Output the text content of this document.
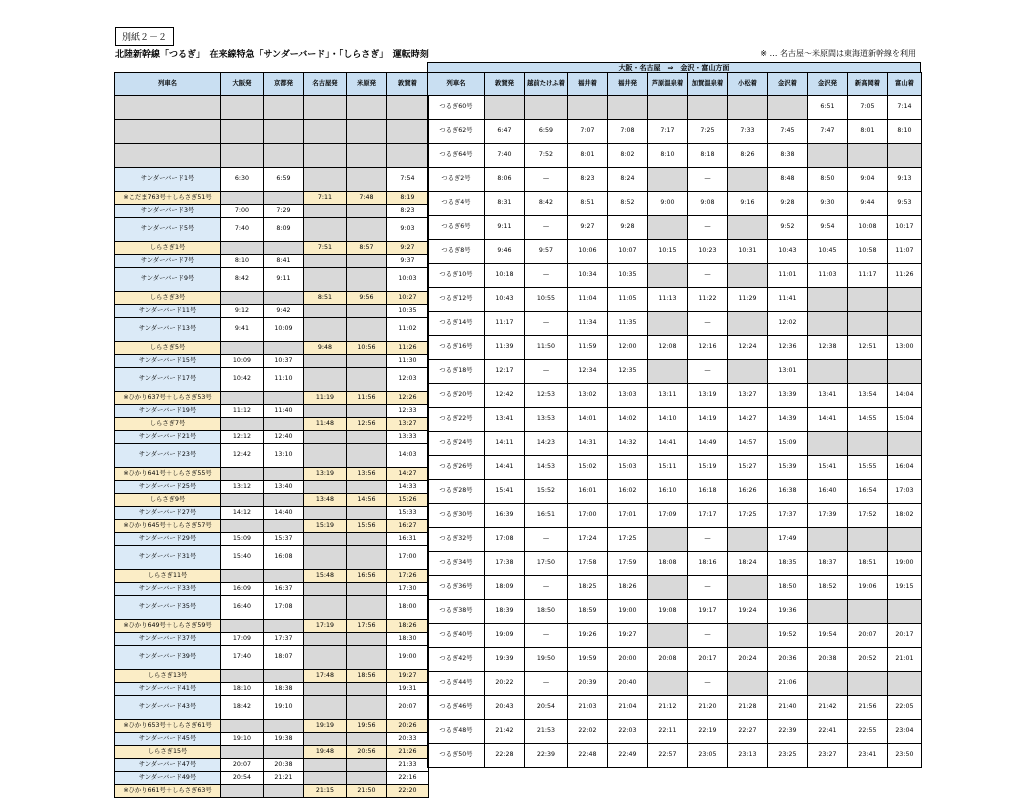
別紙２－２
北陸新幹線「つるぎ」　在来線特急「サンダーバード」・「しらさぎ」　運転時刻	※ … 名古屋～米原間は東海道新幹線を利用
大阪・名古屋　⇒　金沢・富山方面
列車名	大阪発	京都発	名古屋発	米原発	敦賀着

サンダーバード1号	6:30	6:59			7:54
※こだま763号＋しらさぎ51号			7:11	7:48	8:19
サンダーバード3号	7:00	7:29			8:23
サンダーバード5号	7:40	8:09			9:03
しらさぎ1号			7:51	8:57	9:27
サンダーバード7号	8:10	8:41			9:37
サンダーバード9号	8:42	9:11			10:03
しらさぎ3号			8:51	9:56	10:27
サンダーバード11号	9:12	9:42			10:35
サンダーバード13号	9:41	10:09			11:02
しらさぎ5号			9:48	10:56	11:26
サンダーバード15号	10:09	10:37			11:30
サンダーバード17号	10:42	11:10			12:03
※ひかり637号＋しらさぎ53号			11:19	11:56	12:26
サンダーバード19号	11:12	11:40			12:33
しらさぎ7号			11:48	12:56	13:27
サンダーバード21号	12:12	12:40			13:33
サンダーバード23号	12:42	13:10			14:03
※ひかり641号＋しらさぎ55号			13:19	13:56	14:27
サンダーバード25号	13:12	13:40			14:33
しらさぎ9号			13:48	14:56	15:26
サンダーバード27号	14:12	14:40			15:33
※ひかり645号＋しらさぎ57号			15:19	15:56	16:27
サンダーバード29号	15:09	15:37			16:31
サンダーバード31号	15:40	16:08			17:00
しらさぎ11号			15:48	16:56	17:26
サンダーバード33号	16:09	16:37			17:30
サンダーバード35号	16:40	17:08			18:00
※ひかり649号＋しらさぎ59号			17:19	17:56	18:26
サンダーバード37号	17:09	17:37			18:30
サンダーバード39号	17:40	18:07			19:00
しらさぎ13号			17:48	18:56	19:27
サンダーバード41号	18:10	18:38			19:31
サンダーバード43号	18:42	19:10			20:07
※ひかり653号＋しらさぎ61号			19:19	19:56	20:26
サンダーバード45号	19:10	19:38			20:33
しらさぎ15号			19:48	20:56	21:26
サンダーバード47号	20:07	20:38			21:33
サンダーバード49号	20:54	21:21			22:16
※ひかり661号＋しらさぎ63号			21:15	21:50	22:20
列車名	敦賀発	越前たけふ着	福井着	福井発	芦原温泉着	加賀温泉着	小松着	金沢着	金沢発	新高岡着	富山着
つるぎ60号									6:51	7:05	7:14
つるぎ62号	6:47	6:59	7:07	7:08	7:17	7:25	7:33	7:45	7:47	8:01	8:10
つるぎ64号	7:40	7:52	8:01	8:02	8:10	8:18	8:26	8:38			
つるぎ2号	8:06	—	8:23	8:24		—		8:48	8:50	9:04	9:13
つるぎ4号	8:31	8:42	8:51	8:52	9:00	9:08	9:16	9:28	9:30	9:44	9:53
つるぎ6号	9:11	—	9:27	9:28		—		9:52	9:54	10:08	10:17
つるぎ8号	9:46	9:57	10:06	10:07	10:15	10:23	10:31	10:43	10:45	10:58	11:07
つるぎ10号	10:18	—	10:34	10:35		—		11:01	11:03	11:17	11:26
つるぎ12号	10:43	10:55	11:04	11:05	11:13	11:22	11:29	11:41			
つるぎ14号	11:17	—	11:34	11:35		—		12:02			
つるぎ16号	11:39	11:50	11:59	12:00	12:08	12:16	12:24	12:36	12:38	12:51	13:00
つるぎ18号	12:17	—	12:34	12:35		—		13:01			
つるぎ20号	12:42	12:53	13:02	13:03	13:11	13:19	13:27	13:39	13:41	13:54	14:04
つるぎ22号	13:41	13:53	14:01	14:02	14:10	14:19	14:27	14:39	14:41	14:55	15:04
つるぎ24号	14:11	14:23	14:31	14:32	14:41	14:49	14:57	15:09			
つるぎ26号	14:41	14:53	15:02	15:03	15:11	15:19	15:27	15:39	15:41	15:55	16:04
つるぎ28号	15:41	15:52	16:01	16:02	16:10	16:18	16:26	16:38	16:40	16:54	17:03
つるぎ30号	16:39	16:51	17:00	17:01	17:09	17:17	17:25	17:37	17:39	17:52	18:02
つるぎ32号	17:08	—	17:24	17:25		—		17:49			
つるぎ34号	17:38	17:50	17:58	17:59	18:08	18:16	18:24	18:35	18:37	18:51	19:00
つるぎ36号	18:09	—	18:25	18:26		—		18:50	18:52	19:06	19:15
つるぎ38号	18:39	18:50	18:59	19:00	19:08	19:17	19:24	19:36			
つるぎ40号	19:09	—	19:26	19:27		—		19:52	19:54	20:07	20:17
つるぎ42号	19:39	19:50	19:59	20:00	20:08	20:17	20:24	20:36	20:38	20:52	21:01
つるぎ44号	20:22	—	20:39	20:40		—		21:06			
つるぎ46号	20:43	20:54	21:03	21:04	21:12	21:20	21:28	21:40	21:42	21:56	22:05
つるぎ48号	21:42	21:53	22:02	22:03	22:11	22:19	22:27	22:39	22:41	22:55	23:04
つるぎ50号	22:28	22:39	22:48	22:49	22:57	23:05	23:13	23:25	23:27	23:41	23:50
